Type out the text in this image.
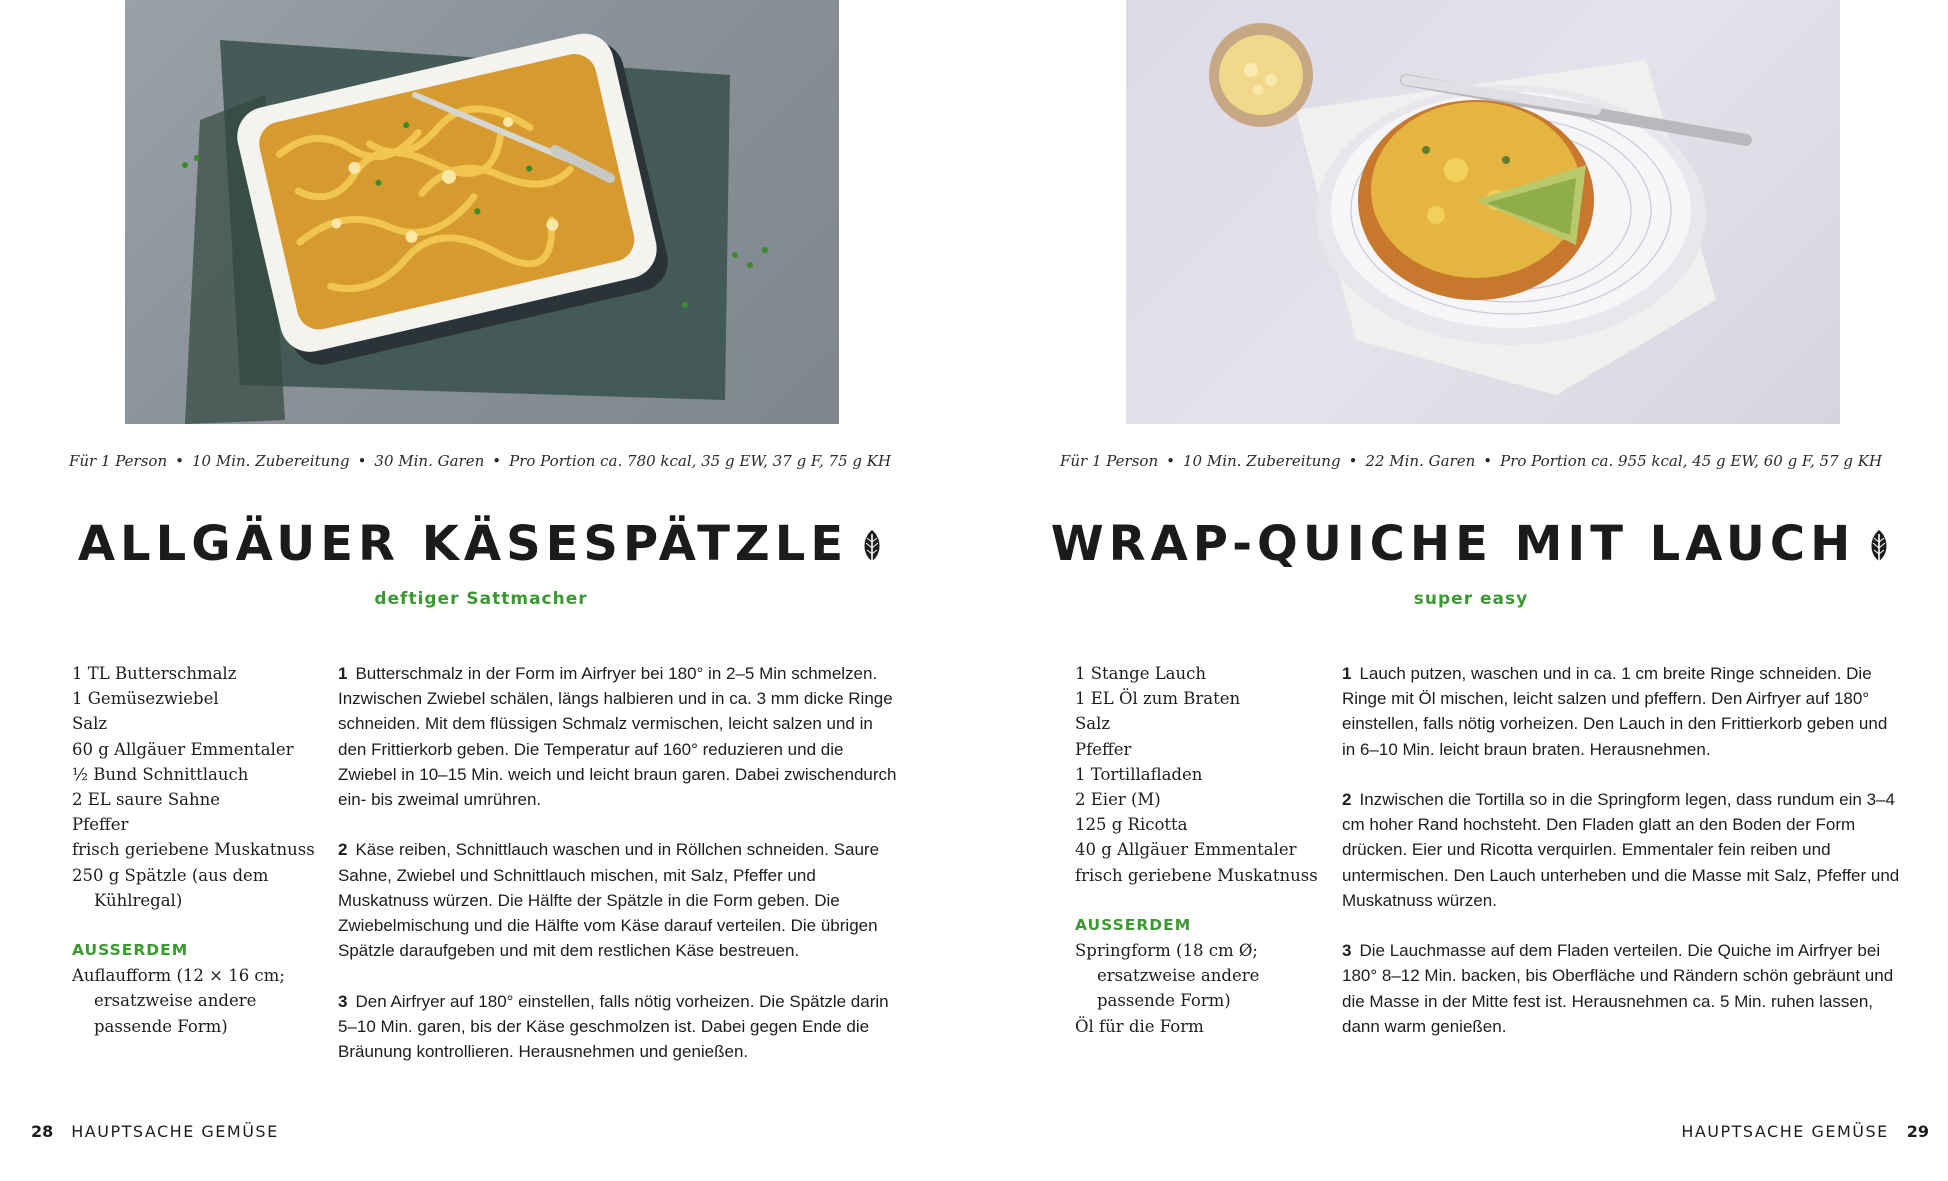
Für 1 Person • 10 Min. Zubereitung • 30 Min. Garen • Pro Portion ca. 780 kcal, 35 g EW, 37 g F, 75 g KH
ALLGÄUER KÄSESPÄTZLE
deftiger Sattmacher
1 TL Butterschmalz
1 Gemüsezwiebel
Salz
60 g Allgäuer Emmentaler
½ Bund Schnittlauch
2 EL saure Sahne
Pfeffer
frisch geriebene Muskatnuss
250 g Spätzle (aus dem Kühlregal)
AUSSERDEM
Auflaufform (12 × 16 cm; ersatzweise andere passende Form)
1 Butterschmalz in der Form im Airfryer bei 180° in 2–5 Min schmelzen. Inzwischen Zwiebel schälen, längs halbieren und in ca. 3 mm dicke Ringe schneiden. Mit dem flüssigen Schmalz vermischen, leicht salzen und in den Frittierkorb geben. Die Temperatur auf 160° reduzieren und die Zwiebel in 10–15 Min. weich und leicht braun garen. Dabei zwischendurch ein- bis zweimal umrühren.
2 Käse reiben, Schnittlauch waschen und in Röllchen schneiden. Saure Sahne, Zwiebel und Schnittlauch mischen, mit Salz, Pfeffer und Muskatnuss würzen. Die Hälfte der Spätzle in die Form geben. Die Zwiebelmischung und die Hälfte vom Käse darauf verteilen. Die übrigen Spätzle daraufgeben und mit dem restlichen Käse bestreuen.
3 Den Airfryer auf 180° einstellen, falls nötig vorheizen. Die Spätzle darin 5–10 Min. garen, bis der Käse geschmolzen ist. Dabei gegen Ende die Bräunung kontrollieren. Herausnehmen und genießen.
28 HAUPTSACHE GEMÜSE
Für 1 Person • 10 Min. Zubereitung • 22 Min. Garen • Pro Portion ca. 955 kcal, 45 g EW, 60 g F, 57 g KH
WRAP-QUICHE MIT LAUCH
super easy
1 Stange Lauch
1 EL Öl zum Braten
Salz
Pfeffer
1 Tortillafladen
2 Eier (M)
125 g Ricotta
40 g Allgäuer Emmentaler
frisch geriebene Muskatnuss
AUSSERDEM
Springform (18 cm Ø; ersatzweise andere passende Form)
Öl für die Form
1 Lauch putzen, waschen und in ca. 1 cm breite Ringe schneiden. Die Ringe mit Öl mischen, leicht salzen und pfeffern. Den Airfryer auf 180° einstellen, falls nötig vorheizen. Den Lauch in den Frittierkorb geben und in 6–10 Min. leicht braun braten. Herausnehmen.
2 Inzwischen die Tortilla so in die Springform legen, dass rundum ein 3–4 cm hoher Rand hochsteht. Den Fladen glatt an den Boden der Form drücken. Eier und Ricotta verquirlen. Emmentaler fein reiben und untermischen. Den Lauch unterheben und die Masse mit Salz, Pfeffer und Muskatnuss würzen.
3 Die Lauchmasse auf dem Fladen verteilen. Die Quiche im Airfryer bei 180° 8–12 Min. backen, bis Oberfläche und Rändern schön gebräunt und die Masse in der Mitte fest ist. Herausnehmen ca. 5 Min. ruhen lassen, dann warm genießen.
HAUPTSACHE GEMÜSE 29
